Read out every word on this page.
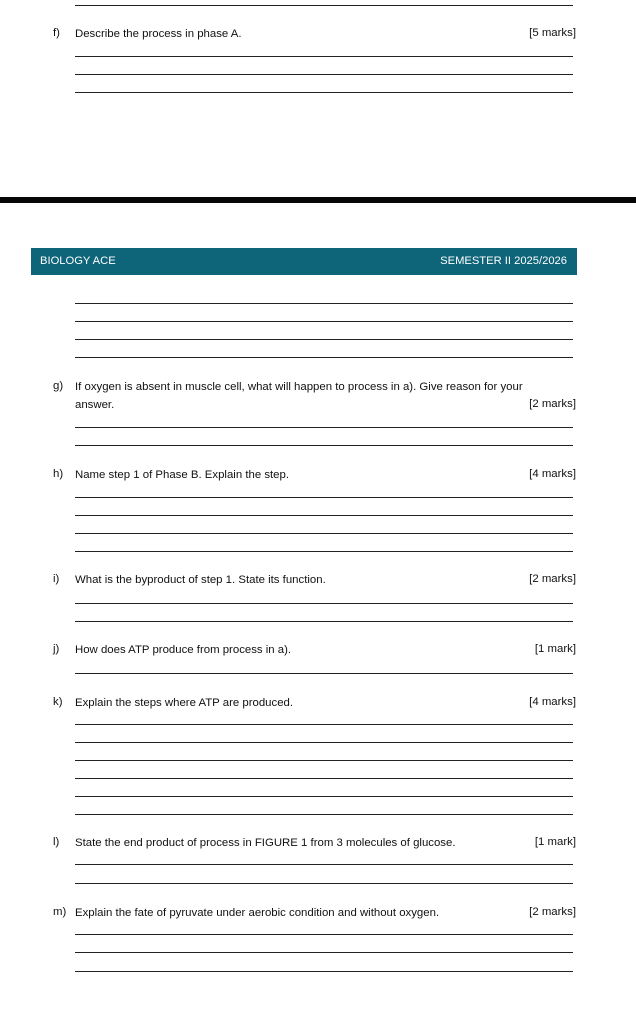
f) Describe the process in phase A.	[5 marks]
BIOLOGY ACE	SEMESTER II 2025/2026
g) If oxygen is absent in muscle cell, what will happen to process in a). Give reason for your
answer.	[2 marks]
h) Name step 1 of Phase B. Explain the step.	[4 marks]
i) What is the byproduct of step 1. State its function.	[2 marks]
j) How does ATP produce from process in a).	[1 mark]
k) Explain the steps where ATP are produced.	[4 marks]
l) State the end product of process in FIGURE 1 from 3 molecules of glucose.	[1 mark]
m) Explain the fate of pyruvate under aerobic condition and without oxygen.	[2 marks]
